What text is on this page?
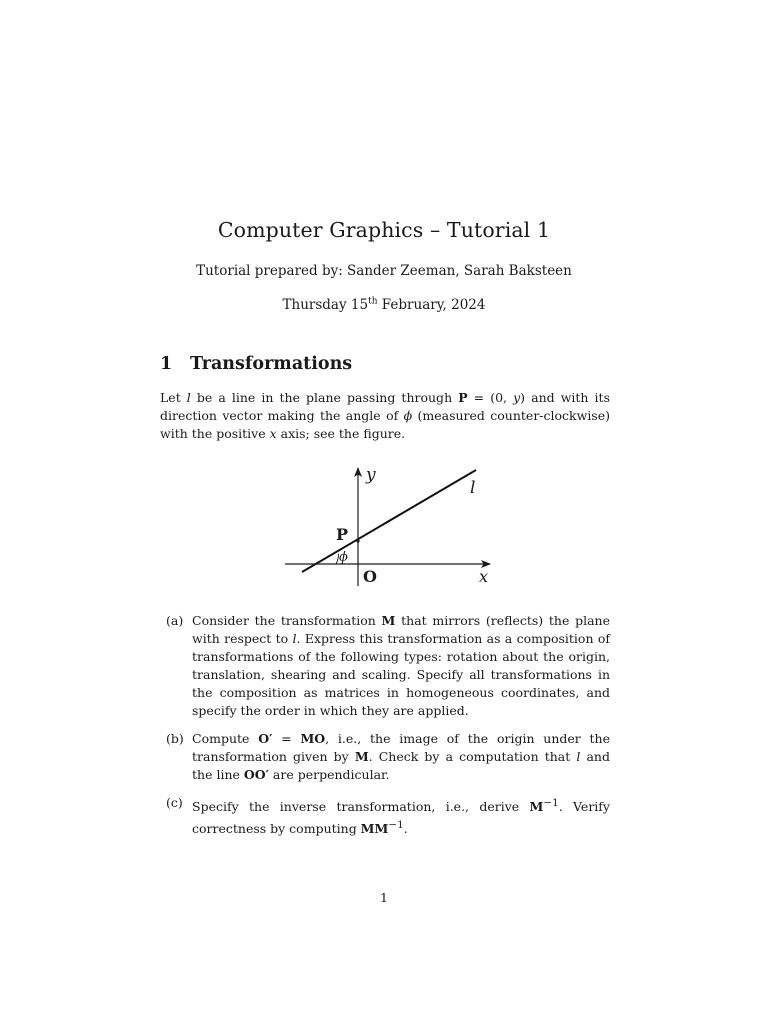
Computer Graphics – Tutorial 1
Tutorial prepared by: Sander Zeeman, Sarah Baksteen
Thursday 15th February, 2024
1 Transformations
Let l be a line in the plane passing through P = (0, y) and with its direction vector making the angle of ϕ (measured counter-clockwise) with the positive x axis; see the figure.
y
l
P
ϕ
O	x
(a) Consider the transformation M that mirrors (reflects) the plane with respect to l. Express this transformation as a composition of transformations of the following types: rotation about the origin, translation, shearing and scaling. Specify all transformations in the composition as matrices in homogeneous coordinates, and specify the order in which they are applied.
(b) Compute O′ = MO, i.e., the image of the origin under the transformation given by M. Check by a computation that l and the line OO′ are perpendicular.
(c) Specify the inverse transformation, i.e., derive $M^{-1}$. Verify correctness by computing $MM^{-1}$.
1
